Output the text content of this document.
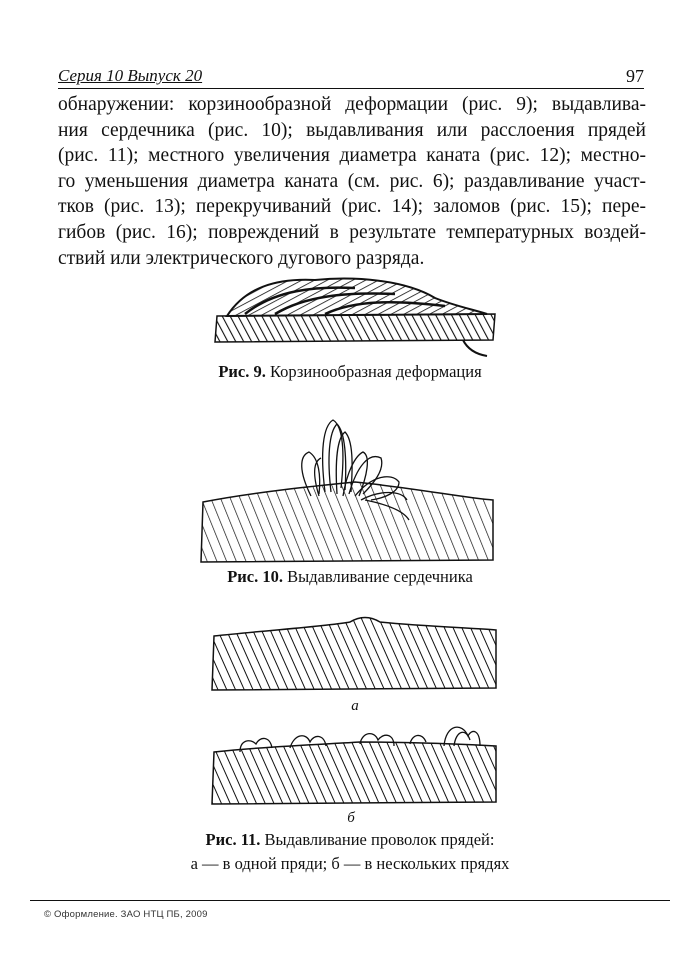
Серия 10 Выпуск 20	97
обнаружении: корзинообразной деформации (рис. 9); выдавлива-
ния сердечника (рис. 10); выдавливания или расслоения прядей
(рис. 11); местного увеличения диаметра каната (рис. 12); местно-
го уменьшения диаметра каната (см. рис. 6); раздавливание участ-
тков (рис. 13); перекручиваний (рис. 14); заломов (рис. 15); пере-
гибов (рис. 16); повреждений в результате температурных воздей-
ствий или электрического дугового разряда.
Рис. 9. Корзинообразная деформация
Рис. 10. Выдавливание сердечника
а
б
Рис. 11. Выдавливание проволок прядей:
а — в одной пряди; б — в нескольких прядях
© Оформление. ЗАО НТЦ ПБ, 2009
